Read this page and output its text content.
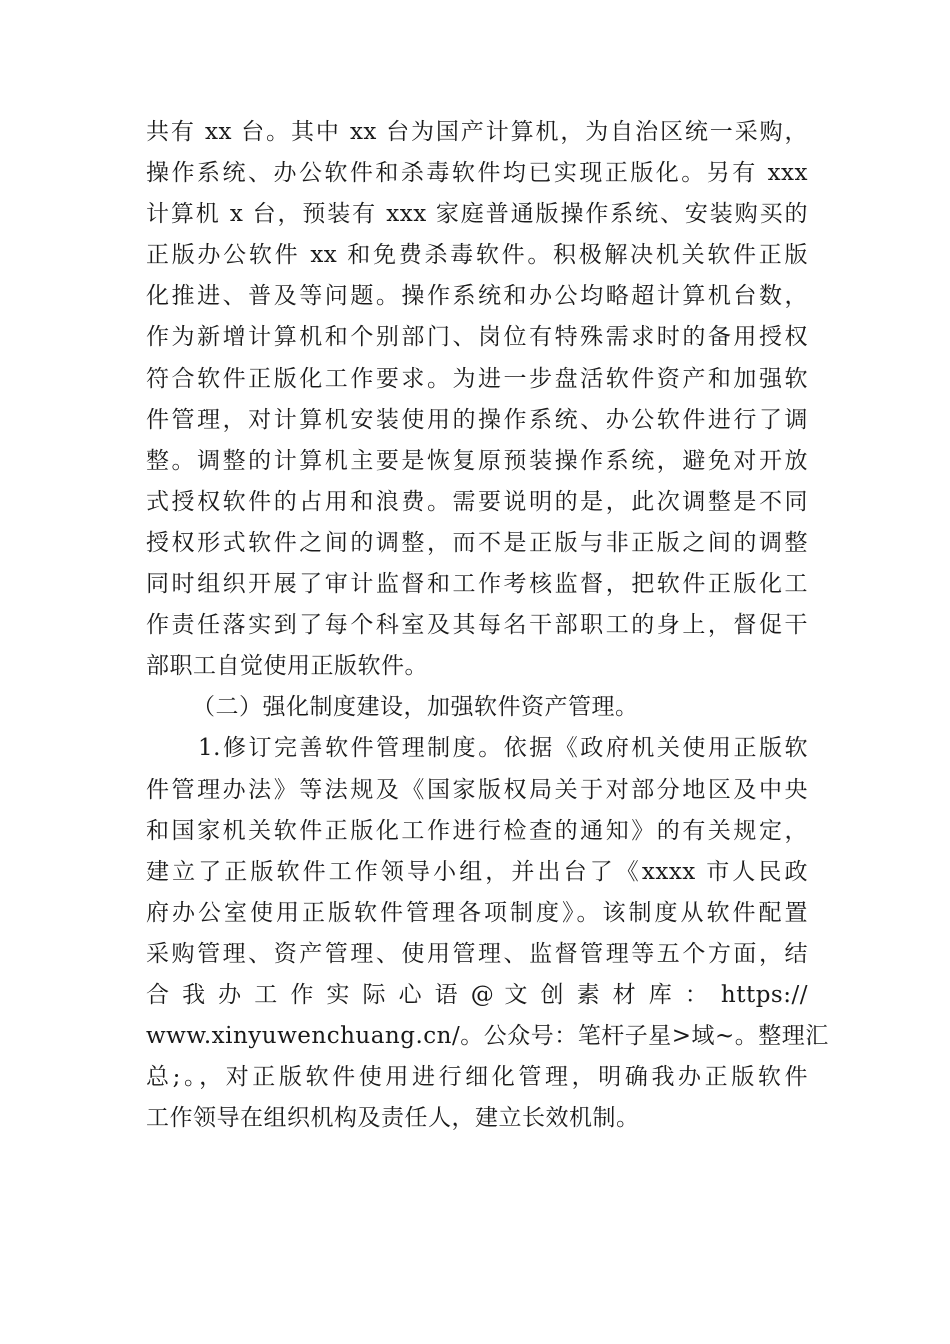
共有 xx 台。其中 xx 台为国产计算机，为自治区统一采购，
操作系统、办公软件和杀毒软件均已实现正版化。另有 xxx
计算机 x 台，预装有 xxx 家庭普通版操作系统、安装购买的
正版办公软件 xx 和免费杀毒软件。积极解决机关软件正版
化推进、普及等问题。操作系统和办公均略超计算机台数，
作为新增计算机和个别部门、岗位有特殊需求时的备用授权
符合软件正版化工作要求。为进一步盘活软件资产和加强软
件管理，对计算机安装使用的操作系统、办公软件进行了调
整。调整的计算机主要是恢复原预装操作系统，避免对开放
式授权软件的占用和浪费。需要说明的是，此次调整是不同
授权形式软件之间的调整，而不是正版与非正版之间的调整
同时组织开展了审计监督和工作考核监督，把软件正版化工
作责任落实到了每个科室及其每名干部职工的身上，督促干
部职工自觉使用正版软件。
（二）强化制度建设，加强软件资产管理。
1.修订完善软件管理制度。依据《政府机关使用正版软
件管理办法》等法规及《国家版权局关于对部分地区及中央
和国家机关软件正版化工作进行检查的通知》的有关规定，
建立了正版软件工作领导小组，并出台了《xxxx 市人民政
府办公室使用正版软件管理各项制度》。该制度从软件配置
采购管理、资产管理、使用管理、监督管理等五个方面，结
合 我 办 工 作 实 际 心 语 @ 文 创 素 材 库 ： https://
www.xinyuwenchuang.cn/。公众号：笔杆子星>域~。整理汇
总;。，对正版软件使用进行细化管理，明确我办正版软件
工作领导在组织机构及责任人，建立长效机制。
